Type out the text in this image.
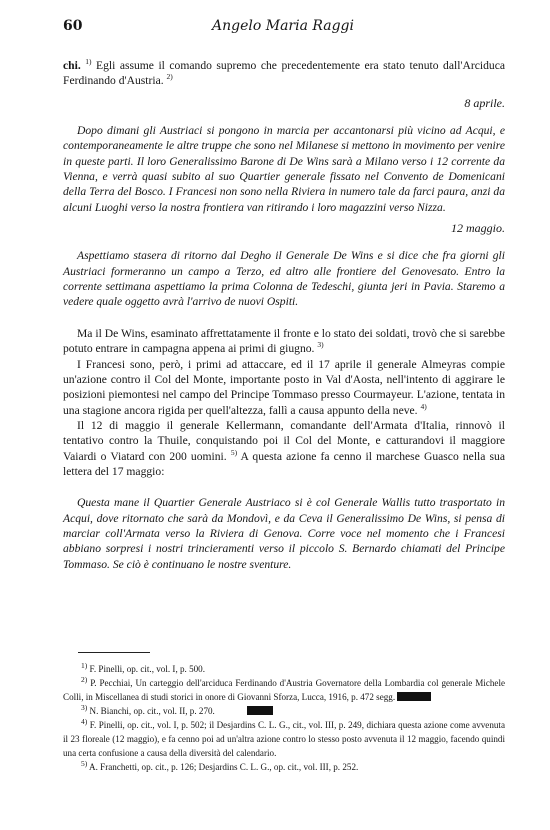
60	Angelo Maria Raggi

chi. $^{1)}$ Egli assume il comando supremo che precedentemente era stato tenuto dall'Arciduca Ferdinando d'Austria. $^{2)}$

8 aprile.

Dopo dimani gli Austriaci si pongono in marcia per accantonarsi più vicino ad Acqui, e contemporaneamente le altre truppe che sono nel Milanese si mettono in movimento per venire in queste parti. Il loro Generalissimo Barone di De Wins sarà a Milano verso i 12 corrente da Vienna, e verrà quasi subito al suo Quartier generale fissato nel Convento de Domenicani della Terra del Bosco. I Francesi non sono nella Riviera in numero tale da farci paura, anzi da alcuni Luoghi verso la nostra frontiera van ritirando i loro magazzini verso Nizza.

12 maggio.

Aspettiamo stasera di ritorno dal Degho il Generale De Wins e si dice che fra giorni gli Austriaci formeranno un campo a Terzo, ed altro alle frontiere del Genovesato. Entro la corrente settimana aspettiamo la prima Colonna de Tedeschi, giunta jeri in Pavia. Staremo a vedere quale oggetto avrà l'arrivo de nuovi Ospiti.

Ma il De Wins, esaminato affrettatamente il fronte e lo stato dei soldati, trovò che si sarebbe potuto entrare in campagna appena ai primi di giugno. $^{3)}$

I Francesi sono, però, i primi ad attaccare, ed il 17 aprile il generale Almeyras compie un'azione contro il Col del Monte, importante posto in Val d'Aosta, nell'intento di aggirare le posizioni piemontesi nel campo del Principe Tommaso presso Courmayeur. L'azione, tentata in una stagione ancora rigida per quell'altezza, fallì a causa appunto della neve. $^{4)}$

Il 12 di maggio il generale Kellermann, comandante dell'Armata d'Italia, rinnovò il tentativo contro la Thuile, conquistando poi il Col del Monte, e catturandovi il maggiore Vaiardi o Viatard con 200 uomini. $^{5)}$ A questa azione fa cenno il marchese Guasco nella sua lettera del 17 maggio:

Questa mane il Quartier Generale Austriaco si è col Generale Wallis tutto trasportato in Acqui, dove ritornato che sarà da Mondovì, e da Ceva il Generalissimo De Wins, si pensa di marciar coll'Armata verso la Riviera di Genova. Corre voce nel momento che i Francesi abbiano sorpresi i nostri trincieramenti verso il piccolo S. Bernardo chiamati del Principe Tommaso. Se ciò è continuano le nostre sventure.

$^{1)}$ F. Pinelli, op. cit., vol. I, p. 500.

$^{2)}$ P. Pecchiai, Un carteggio dell'arciduca Ferdinando d'Austria Governatore della Lombardia col generale Michele Colli, in Miscellanea di studi storici in onore di Giovanni Sforza, Lucca, 1916, p. 472 segg.

$^{3)}$ N. Bianchi, op. cit., vol. II, p. 270.

$^{4)}$ F. Pinelli, op. cit., vol. I, p. 502; il Desjardins C. L. G., cit., vol. III, p. 249, dichiara questa azione come avvenuta il 23 floreale (12 maggio), e fa cenno poi ad un'altra azione contro lo stesso posto avvenuta il 12 maggio, facendo quindi una certa confusione a causa della diversità del calendario.

$^{5)}$ A. Franchetti, op. cit., p. 126; Desjardins C. L. G., op. cit., vol. III, p. 252.
